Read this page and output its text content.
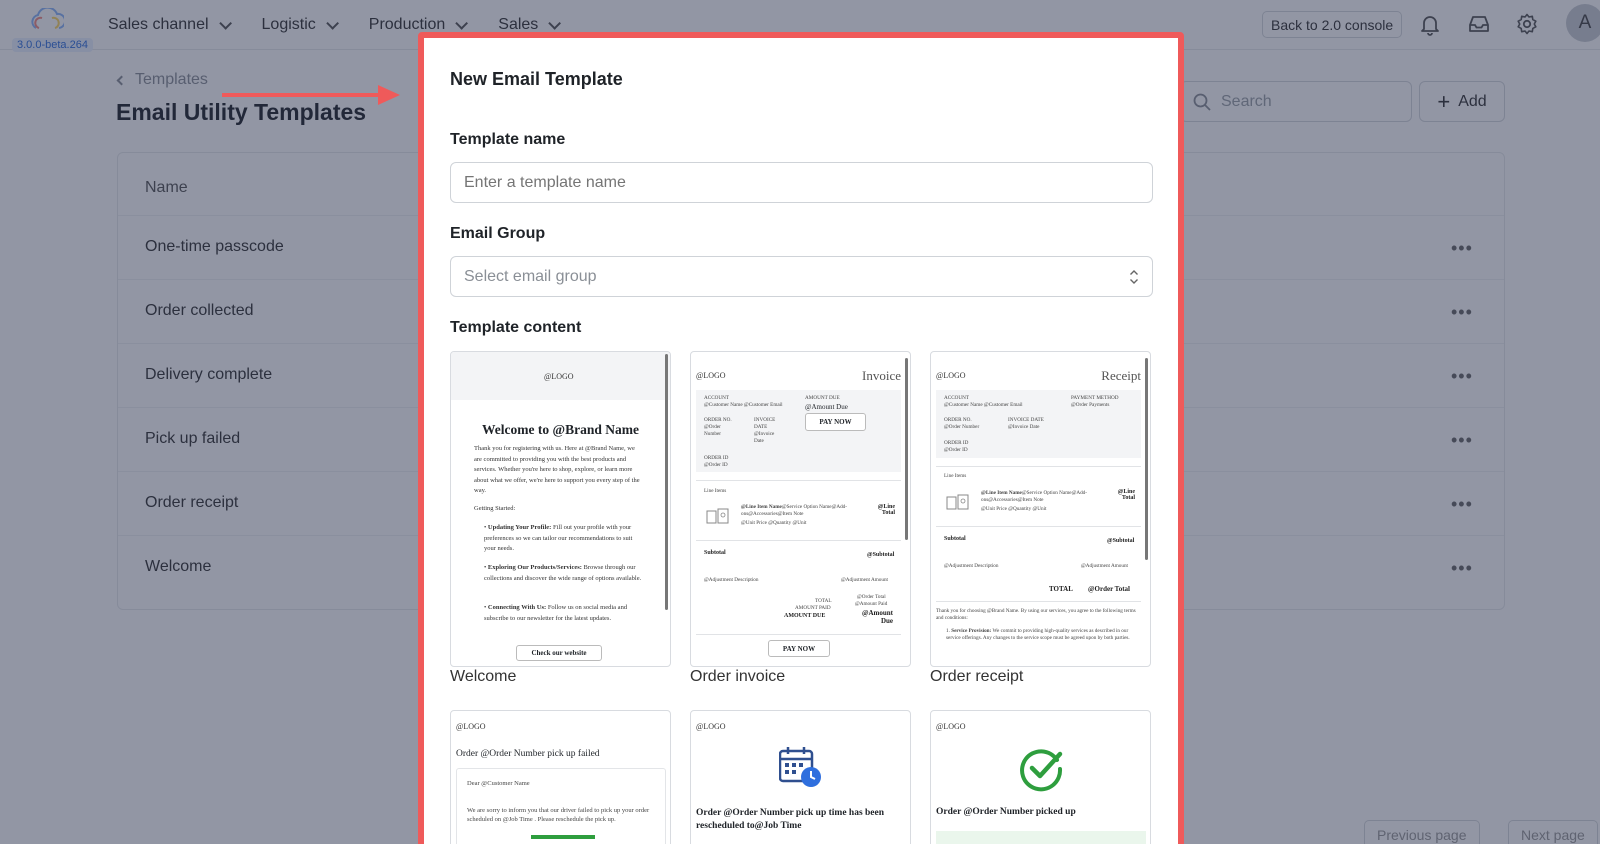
New Email Template
Template name
Enter a template name
Email Group
Select email group
Template content
@LOGO
Welcome to @Brand Name
Thank you for registering with us. Here at @Brand Name, we are committed to providing you with the best products and services. Whether you're here to shop, explore, or learn more about what we offer, we're here to support you every step of the way.
Getting Started:
• Updating Your Profile: Fill out your profile with your preferences so we can tailor our recommendations to suit your needs.
• Exploring Our Products/Services: Browse through our collections and discover the wide range of options available.
• Connecting With Us: Follow us on social media and subscribe to our newsletter for the latest updates.
Check our website
Welcome
@LOGO	Invoice
ACCOUNT
@Customer Name @Customer Email
AMOUNT DUE
@Amount Due
PAY NOW
ORDER NO.
@Order Number
INVOICE DATE
@Invoice Date
ORDER ID
@Order ID
Line Items
@Line Item Name@Service Option Name@Add-ons@Accessories@Item Note
@Unit Price @Quantity @Unit
@Line Total
Subtotal	@Subtotal
@Adjustment Description	@Adjustment Amount
TOTAL
@Order Total
AMOUNT PAID
@Amount Paid
AMOUNT DUE	@Amount Due
PAY NOW
Order invoice
@LOGO	Receipt
ACCOUNT
@Customer Name @Customer Email
PAYMENT METHOD
@Order Payments
ORDER NO.
@Order Number
INVOICE DATE
@Invoice Date
ORDER ID
@Order ID
Line Items
@Line Item Name@Service Option Name@Add-ons@Accessories@Item Note
@Unit Price @Quantity @Unit
@Line Total
Subtotal	@Subtotal
@Adjustment Description	@Adjustment Amount
TOTAL @Order Total
Thank you for choosing @Brand Name. By using our services, you agree to the following terms and conditions:
1. Service Provision: We commit to providing high-quality services as described in our service offerings. Any changes to the service scope must be agreed upon by both parties.
Order receipt
@LOGO
Order @Order Number pick up failed
Dear @Customer Name
We are sorry to inform you that our driver failed to pick up your order scheduled on @Job Time . Please reschedule the pick up.
@LOGO
Order @Order Number pick up time has been rescheduled to@Job Time
@LOGO
Order @Order Number picked up
